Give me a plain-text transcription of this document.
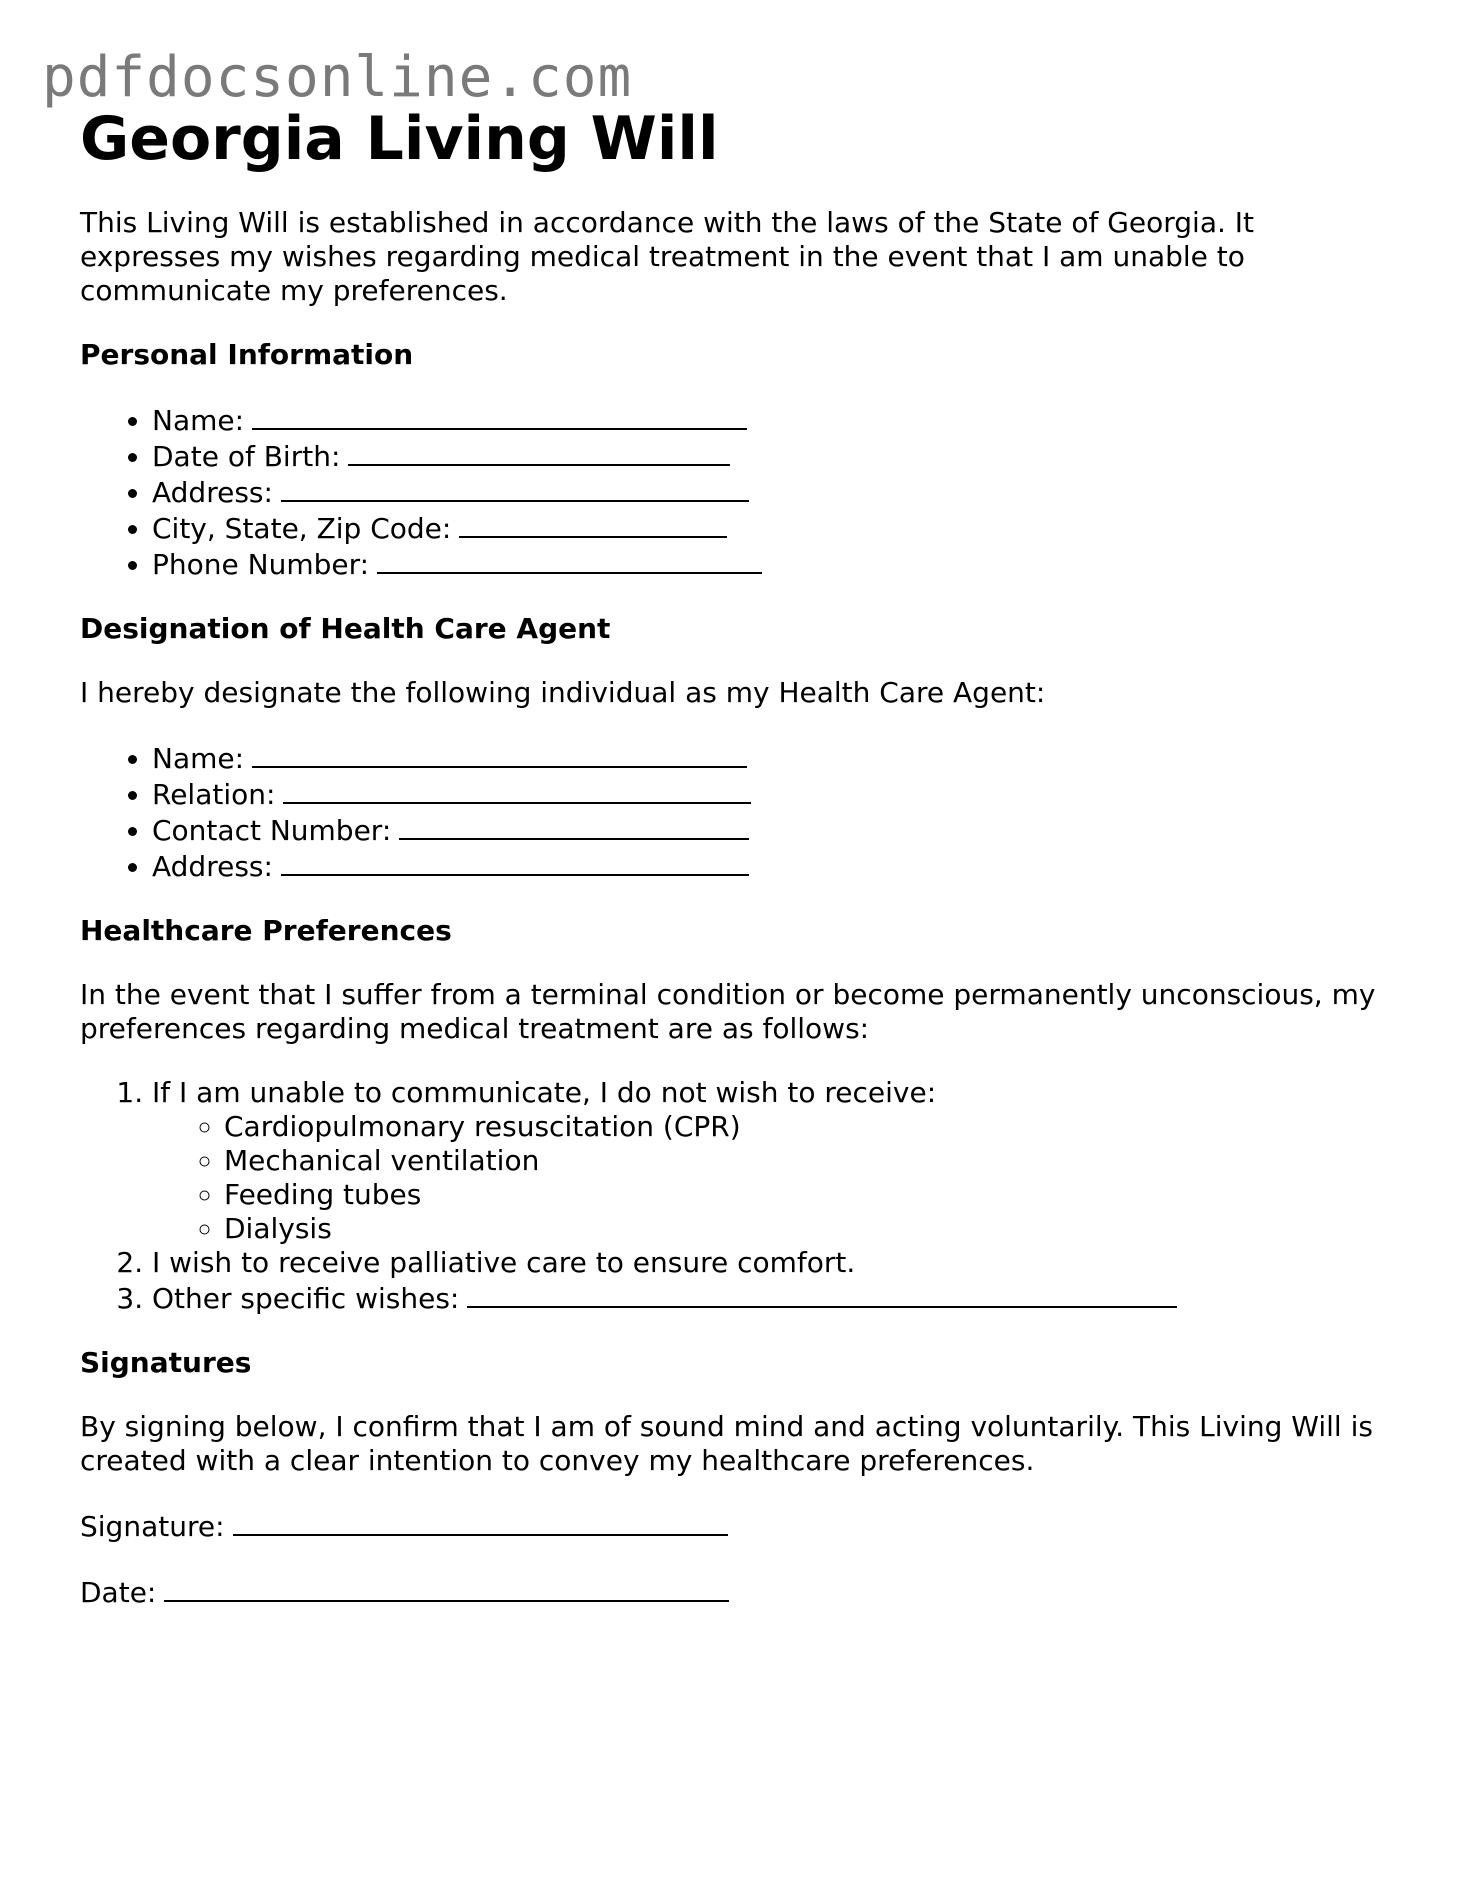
pdfdocsonline.com
Georgia Living Will

This Living Will is established in accordance with the laws of the State of Georgia. It expresses my wishes regarding medical treatment in the event that I am unable to communicate my preferences.

Personal Information
• Name:
• Date of Birth:
• Address:
• City, State, Zip Code:
• Phone Number:
Designation of Health Care Agent

I hereby designate the following individual as my Health Care Agent:

• Name:
• Relation:
• Contact Number:
• Address:
Healthcare Preferences

In the event that I suffer from a terminal condition or become permanently unconscious, my preferences regarding medical treatment are as follows:

1. If I am unable to communicate, I do not wish to receive:
◦ Cardiopulmonary resuscitation (CPR)
◦ Mechanical ventilation
◦ Feeding tubes
◦ Dialysis
2. I wish to receive palliative care to ensure comfort.
3. Other specific wishes:
Signatures

By signing below, I confirm that I am of sound mind and acting voluntarily. This Living Will is created with a clear intention to convey my healthcare preferences.

Signature:

Date:
